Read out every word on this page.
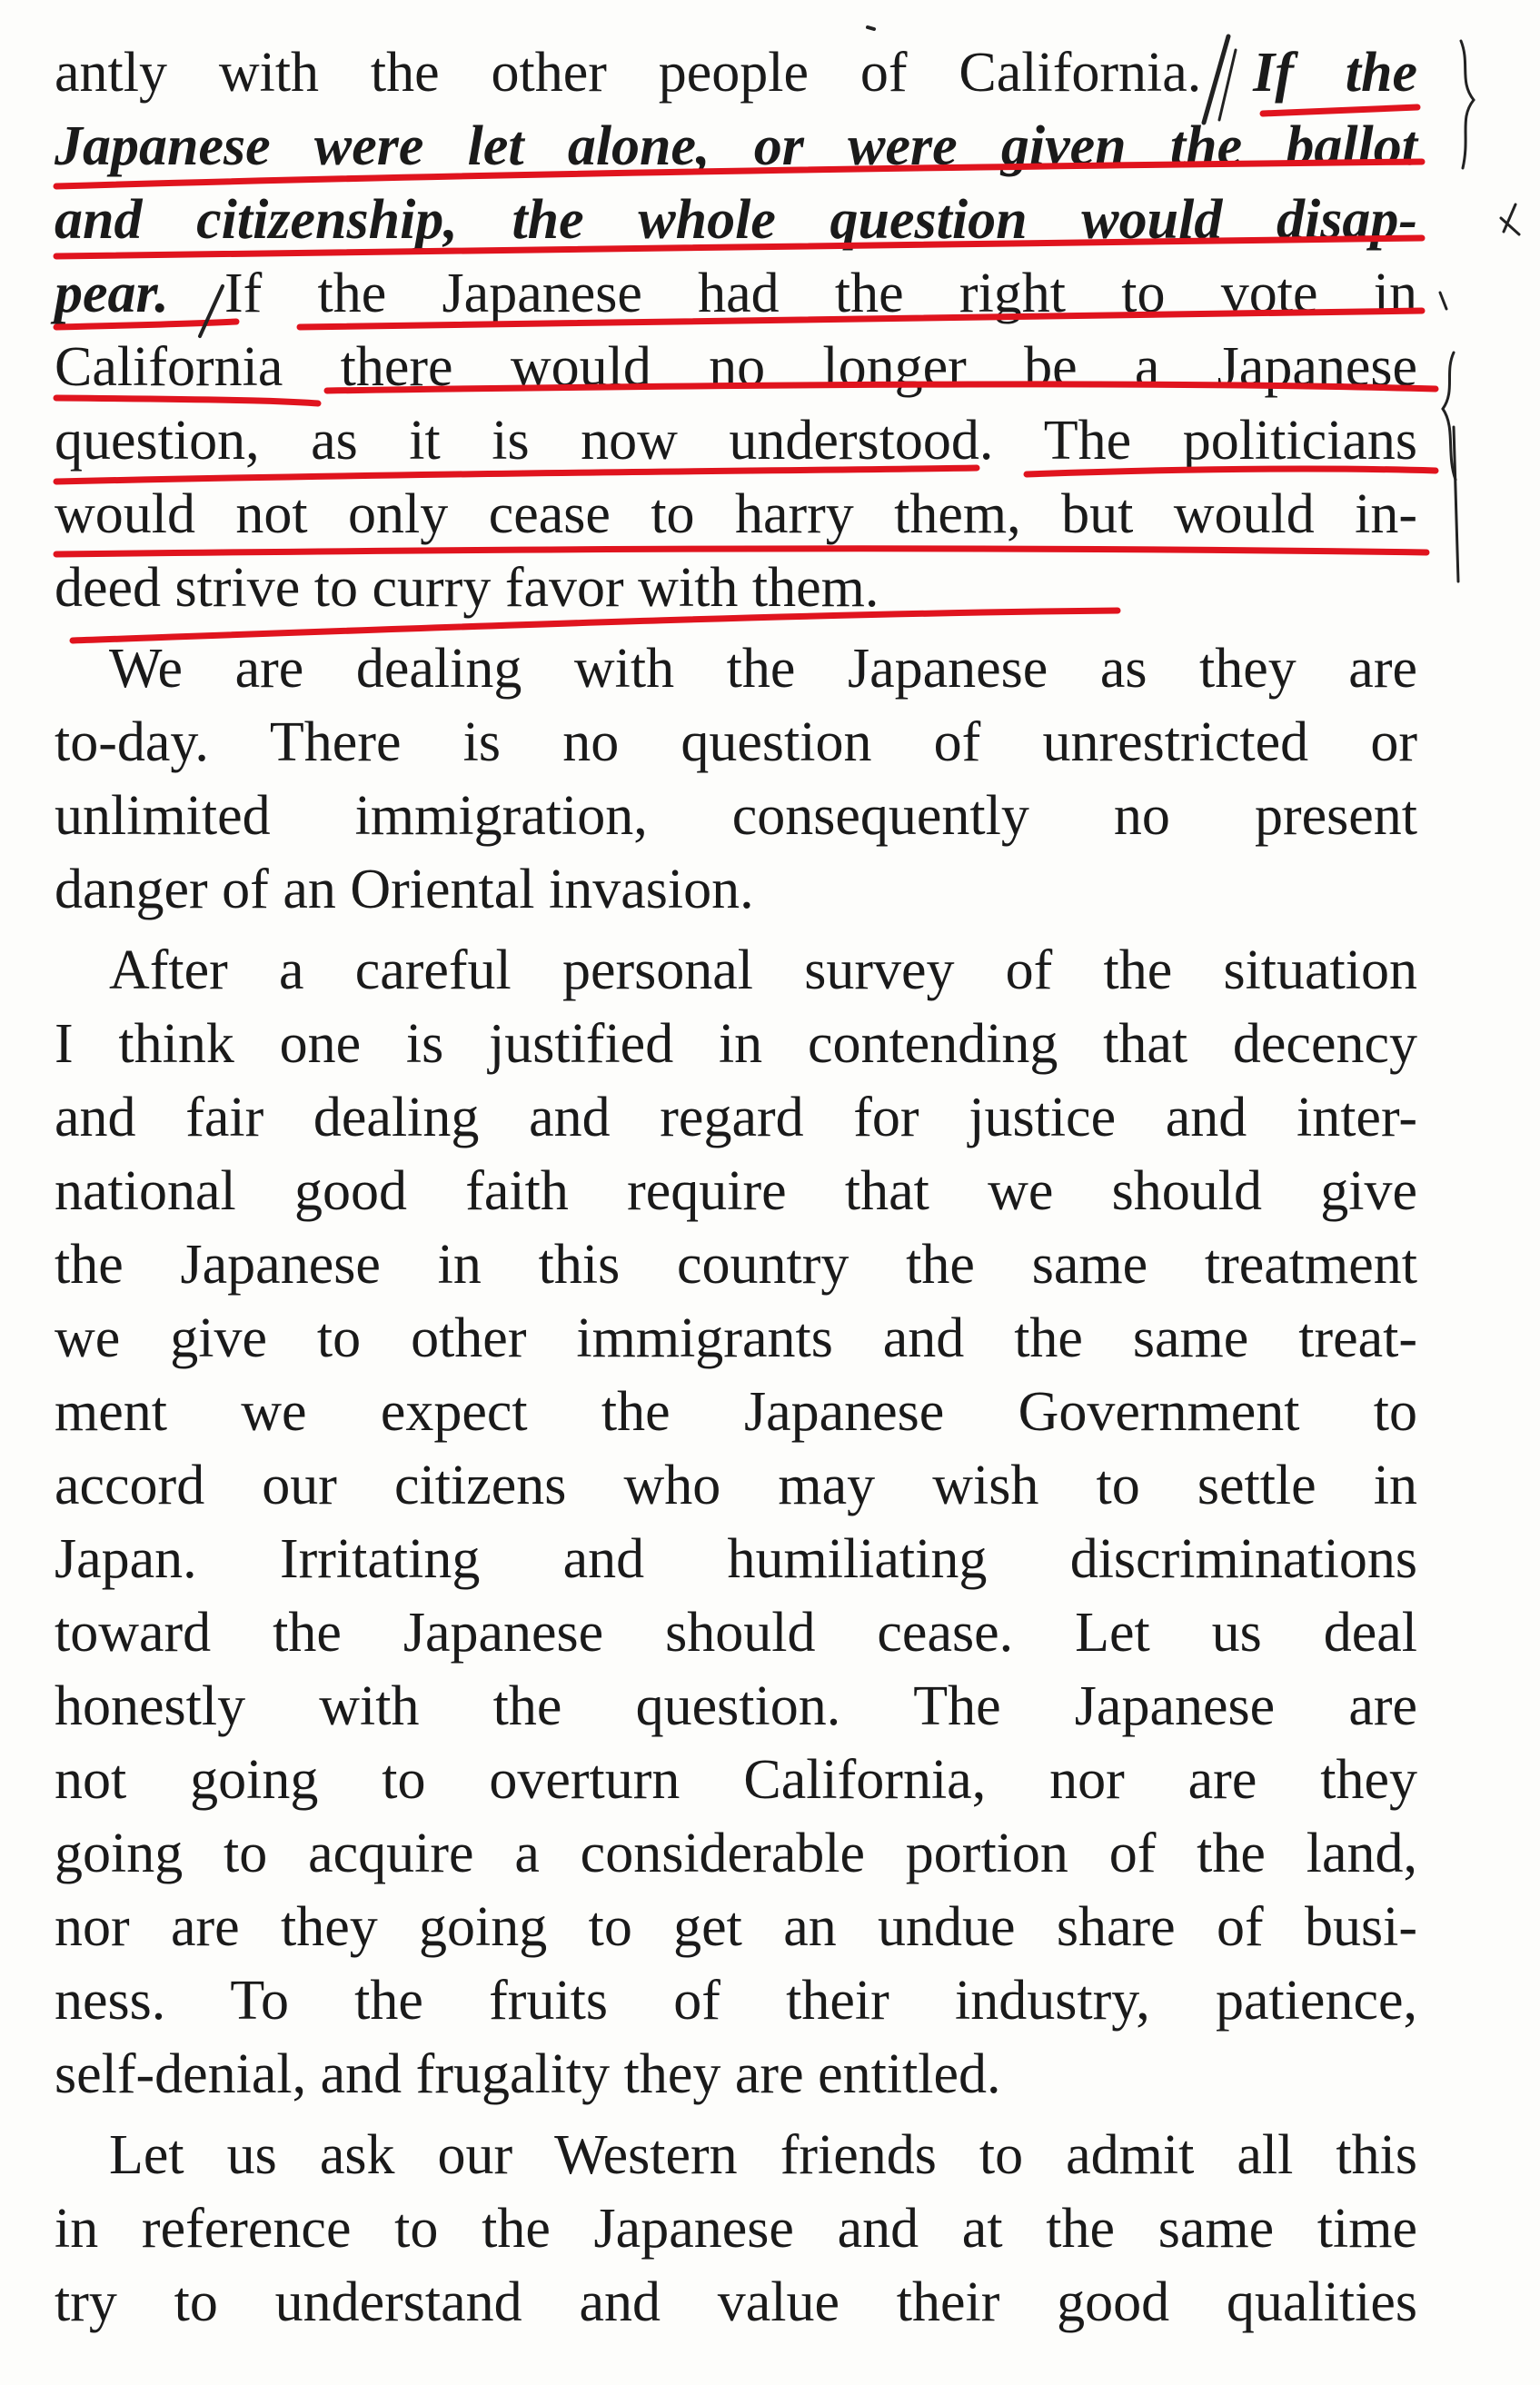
antly with the other people of California. If the
Japanese were let alone, or were given the ballot
and citizenship, the whole question would disap-
pear. If the Japanese had the right to vote in
California there would no longer be a Japanese
question, as it is now understood. The politicians
would not only cease to harry them, but would in-
deed strive to curry favor with them.
We are dealing with the Japanese as they are
to-day. There is no question of unrestricted or
unlimited immigration, consequently no present
danger of an Oriental invasion.
After a careful personal survey of the situation
I think one is justified in contending that decency
and fair dealing and regard for justice and inter-
national good faith require that we should give
the Japanese in this country the same treatment
we give to other immigrants and the same treat-
ment we expect the Japanese Government to
accord our citizens who may wish to settle in
Japan. Irritating and humiliating discriminations
toward the Japanese should cease. Let us deal
honestly with the question. The Japanese are
not going to overturn California, nor are they
going to acquire a considerable portion of the land,
nor are they going to get an undue share of busi-
ness. To the fruits of their industry, patience,
self-denial, and frugality they are entitled.
Let us ask our Western friends to admit all this
in reference to the Japanese and at the same time
try to understand and value their good qualities
